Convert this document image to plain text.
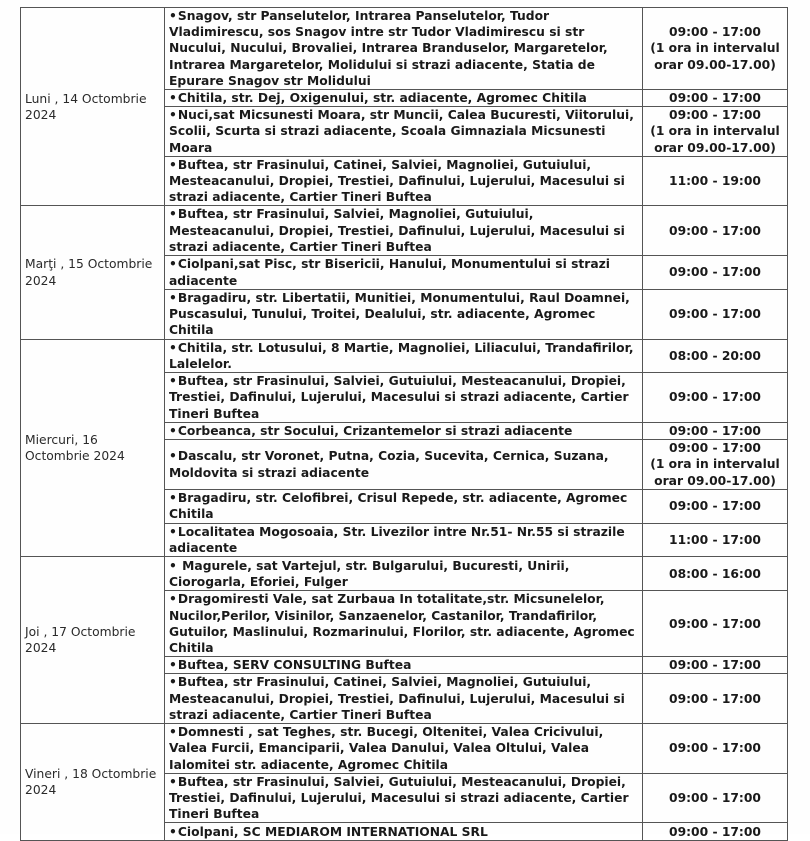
Luni , 14 Octombrie 2024	•Snagov, str Panselutelor, Intrarea Panselutelor, Tudor Vladimirescu, sos Snagov intre str Tudor Vladimirescu si str Nucului, Nucului, Brovaliei, Intrarea Branduselor, Margaretelor, Intrarea Margaretelor, Molidului si strazi adiacente, Statia de Epurare Snagov str Molidului	09:00 - 17:00
(1 ora in intervalul orar 09.00-17.00)

	•Chitila, str. Dej, Oxigenului, str. adiacente, Agromec Chitila	09:00 - 17:00

	•Nuci,sat Micsunesti Moara, str Muncii, Calea Bucuresti, Viitorului, Scolii, Scurta si strazi adiacente, Scoala Gimnaziala Micsunesti Moara	09:00 - 17:00
(1 ora in intervalul orar 09.00-17.00)

	•Buftea, str Frasinului, Catinei, Salviei, Magnoliei, Gutuiului, Mesteacanului, Dropiei, Trestiei, Dafinului, Lujerului, Macesului si strazi adiacente, Cartier Tineri Buftea	11:00 - 19:00

Marţi , 15 Octombrie 2024	•Buftea, str Frasinului, Salviei, Magnoliei, Gutuiului, Mesteacanului, Dropiei, Trestiei, Dafinului, Lujerului, Macesului si strazi adiacente, Cartier Tineri Buftea	09:00 - 17:00

	•Ciolpani,sat Pisc, str Bisericii, Hanului, Monumentului si strazi adiacente	09:00 - 17:00

	•Bragadiru, str. Libertatii, Munitiei, Monumentului, Raul Doamnei, Puscasului, Tunului, Troitei, Dealului, str. adiacente, Agromec Chitila	09:00 - 17:00

Miercuri, 16 Octombrie 2024	•Chitila, str. Lotusului, 8 Martie, Magnoliei, Liliacului, Trandafirilor, Lalelelor.	08:00 - 20:00

	•Buftea, str Frasinului, Salviei, Gutuiului, Mesteacanului, Dropiei, Trestiei, Dafinului, Lujerului, Macesului si strazi adiacente, Cartier Tineri Buftea	09:00 - 17:00

	•Corbeanca, str Socului, Crizantemelor si strazi adiacente	09:00 - 17:00

	•Dascalu, str Voronet, Putna, Cozia, Sucevita, Cernica, Suzana, Moldovita si strazi adiacente	09:00 - 17:00
(1 ora in intervalul orar 09.00-17.00)

	•Bragadiru, str. Celofibrei, Crisul Repede, str. adiacente, Agromec Chitila	09:00 - 17:00

	•Localitatea Mogosoaia, Str. Livezilor intre Nr.51- Nr.55 si strazile adiacente	11:00 - 17:00

Joi , 17 Octombrie 2024	• Magurele, sat Vartejul, str. Bulgarului, Bucuresti, Unirii, Ciorogarla, Eforiei, Fulger	08:00 - 16:00

	•Dragomiresti Vale, sat Zurbaua In totalitate,str. Micsunelelor, Nucilor,Perilor, Visinilor, Sanzaenelor, Castanilor, Trandafirilor, Gutuilor, Maslinului, Rozmarinului, Florilor, str. adiacente, Agromec Chitila	09:00 - 17:00

	•Buftea, SERV CONSULTING Buftea	09:00 - 17:00

	•Buftea, str Frasinului, Catinei, Salviei, Magnoliei, Gutuiului, Mesteacanului, Dropiei, Trestiei, Dafinului, Lujerului, Macesului si strazi adiacente, Cartier Tineri Buftea	09:00 - 17:00

Vineri , 18 Octombrie 2024	•Domnesti , sat Teghes, str. Bucegi, Oltenitei, Valea Cricivului, Valea Furcii, Emanciparii, Valea Danului, Valea Oltului, Valea Ialomitei str. adiacente, Agromec Chitila	09:00 - 17:00

	•Buftea, str Frasinului, Salviei, Gutuiului, Mesteacanului, Dropiei, Trestiei, Dafinului, Lujerului, Macesului si strazi adiacente, Cartier Tineri Buftea	09:00 - 17:00

	•Ciolpani, SC MEDIAROM INTERNATIONAL SRL	09:00 - 17:00
